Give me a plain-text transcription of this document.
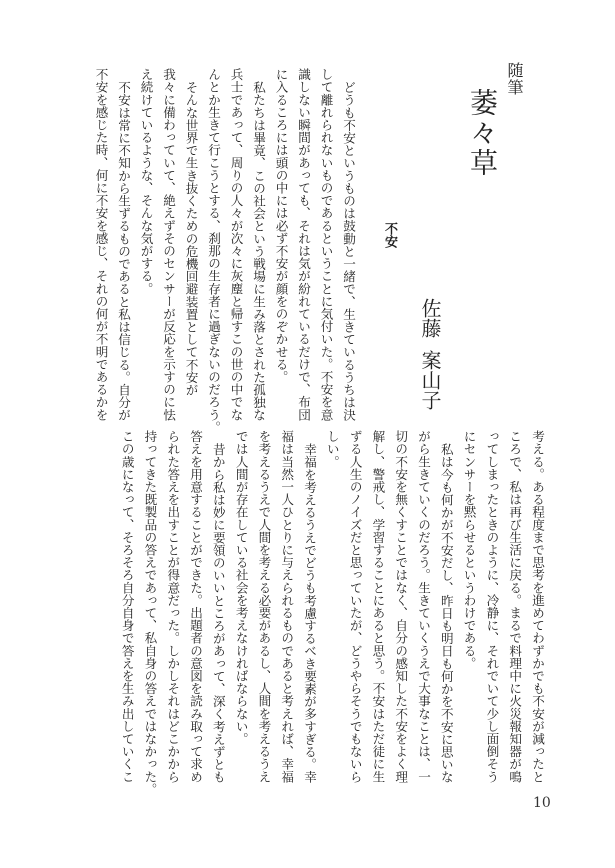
随筆
萎々草
不安
佐藤案山子
どうも不安というものは鼓動と一緒で、生きているうちは決
して離れられないものであるということに気付いた。不安を意
識しない瞬間があっても、それは気が紛れているだけで、布団
に入るころには頭の中には必ず不安が顔をのぞかせる。
私たちは畢竟、この社会という戦場に生み落とされた孤独な
兵士であって、周りの人々が次々に灰塵と帰すこの世の中でな
んとか生きて行こうとする、刹那の生存者に過ぎないのだろう。
そんな世界で生き抜くための危機回避装置として不安が
我々に備わっていて、絶えずそのセンサーが反応を示すのに怯
え続けているような、そんな気がする。
不安は常に不知から生ずるものであると私は信じる。自分が
不安を感じた時、何に不安を感じ、それの何が不明であるかを
考える。ある程度まで思考を進めてわずかでも不安が減ったと
ころで、私は再び生活に戻る。まるで料理中に火災報知器が鳴
ってしまったときのように、冷静に、それでいて少し面倒そう
にセンサーを黙らせるというわけである。
私は今も何かが不安だし、昨日も明日も何かを不安に思いな
がら生きていくのだろう。生きていくうえで大事なことは、一
切の不安を無くすことではなく、自分の感知した不安をよく理
解し、警戒し、学習することにあると思う。不安はただ徒に生
ずる人生のノイズだと思っていたが、どうやらそうでもないら
しい。
幸福を考えるうえでどうも考慮するべき要素が多すぎる。幸
福は当然一人ひとりに与えられるものであると考えれば、幸福
を考えるうえで人間を考える必要があるし、人間を考えるうえ
では人間が存在している社会を考えなければならない。
昔から私は妙に要領のいいところがあって、深く考えずとも
答えを用意することができた。出題者の意図を読み取って求め
られた答えを出すことが得意だった。しかしそれはどこかから
持ってきた既製品の答えであって、私自身の答えではなかった。
この歳になって、そろそろ自分自身で答えを生み出していくこ
10
